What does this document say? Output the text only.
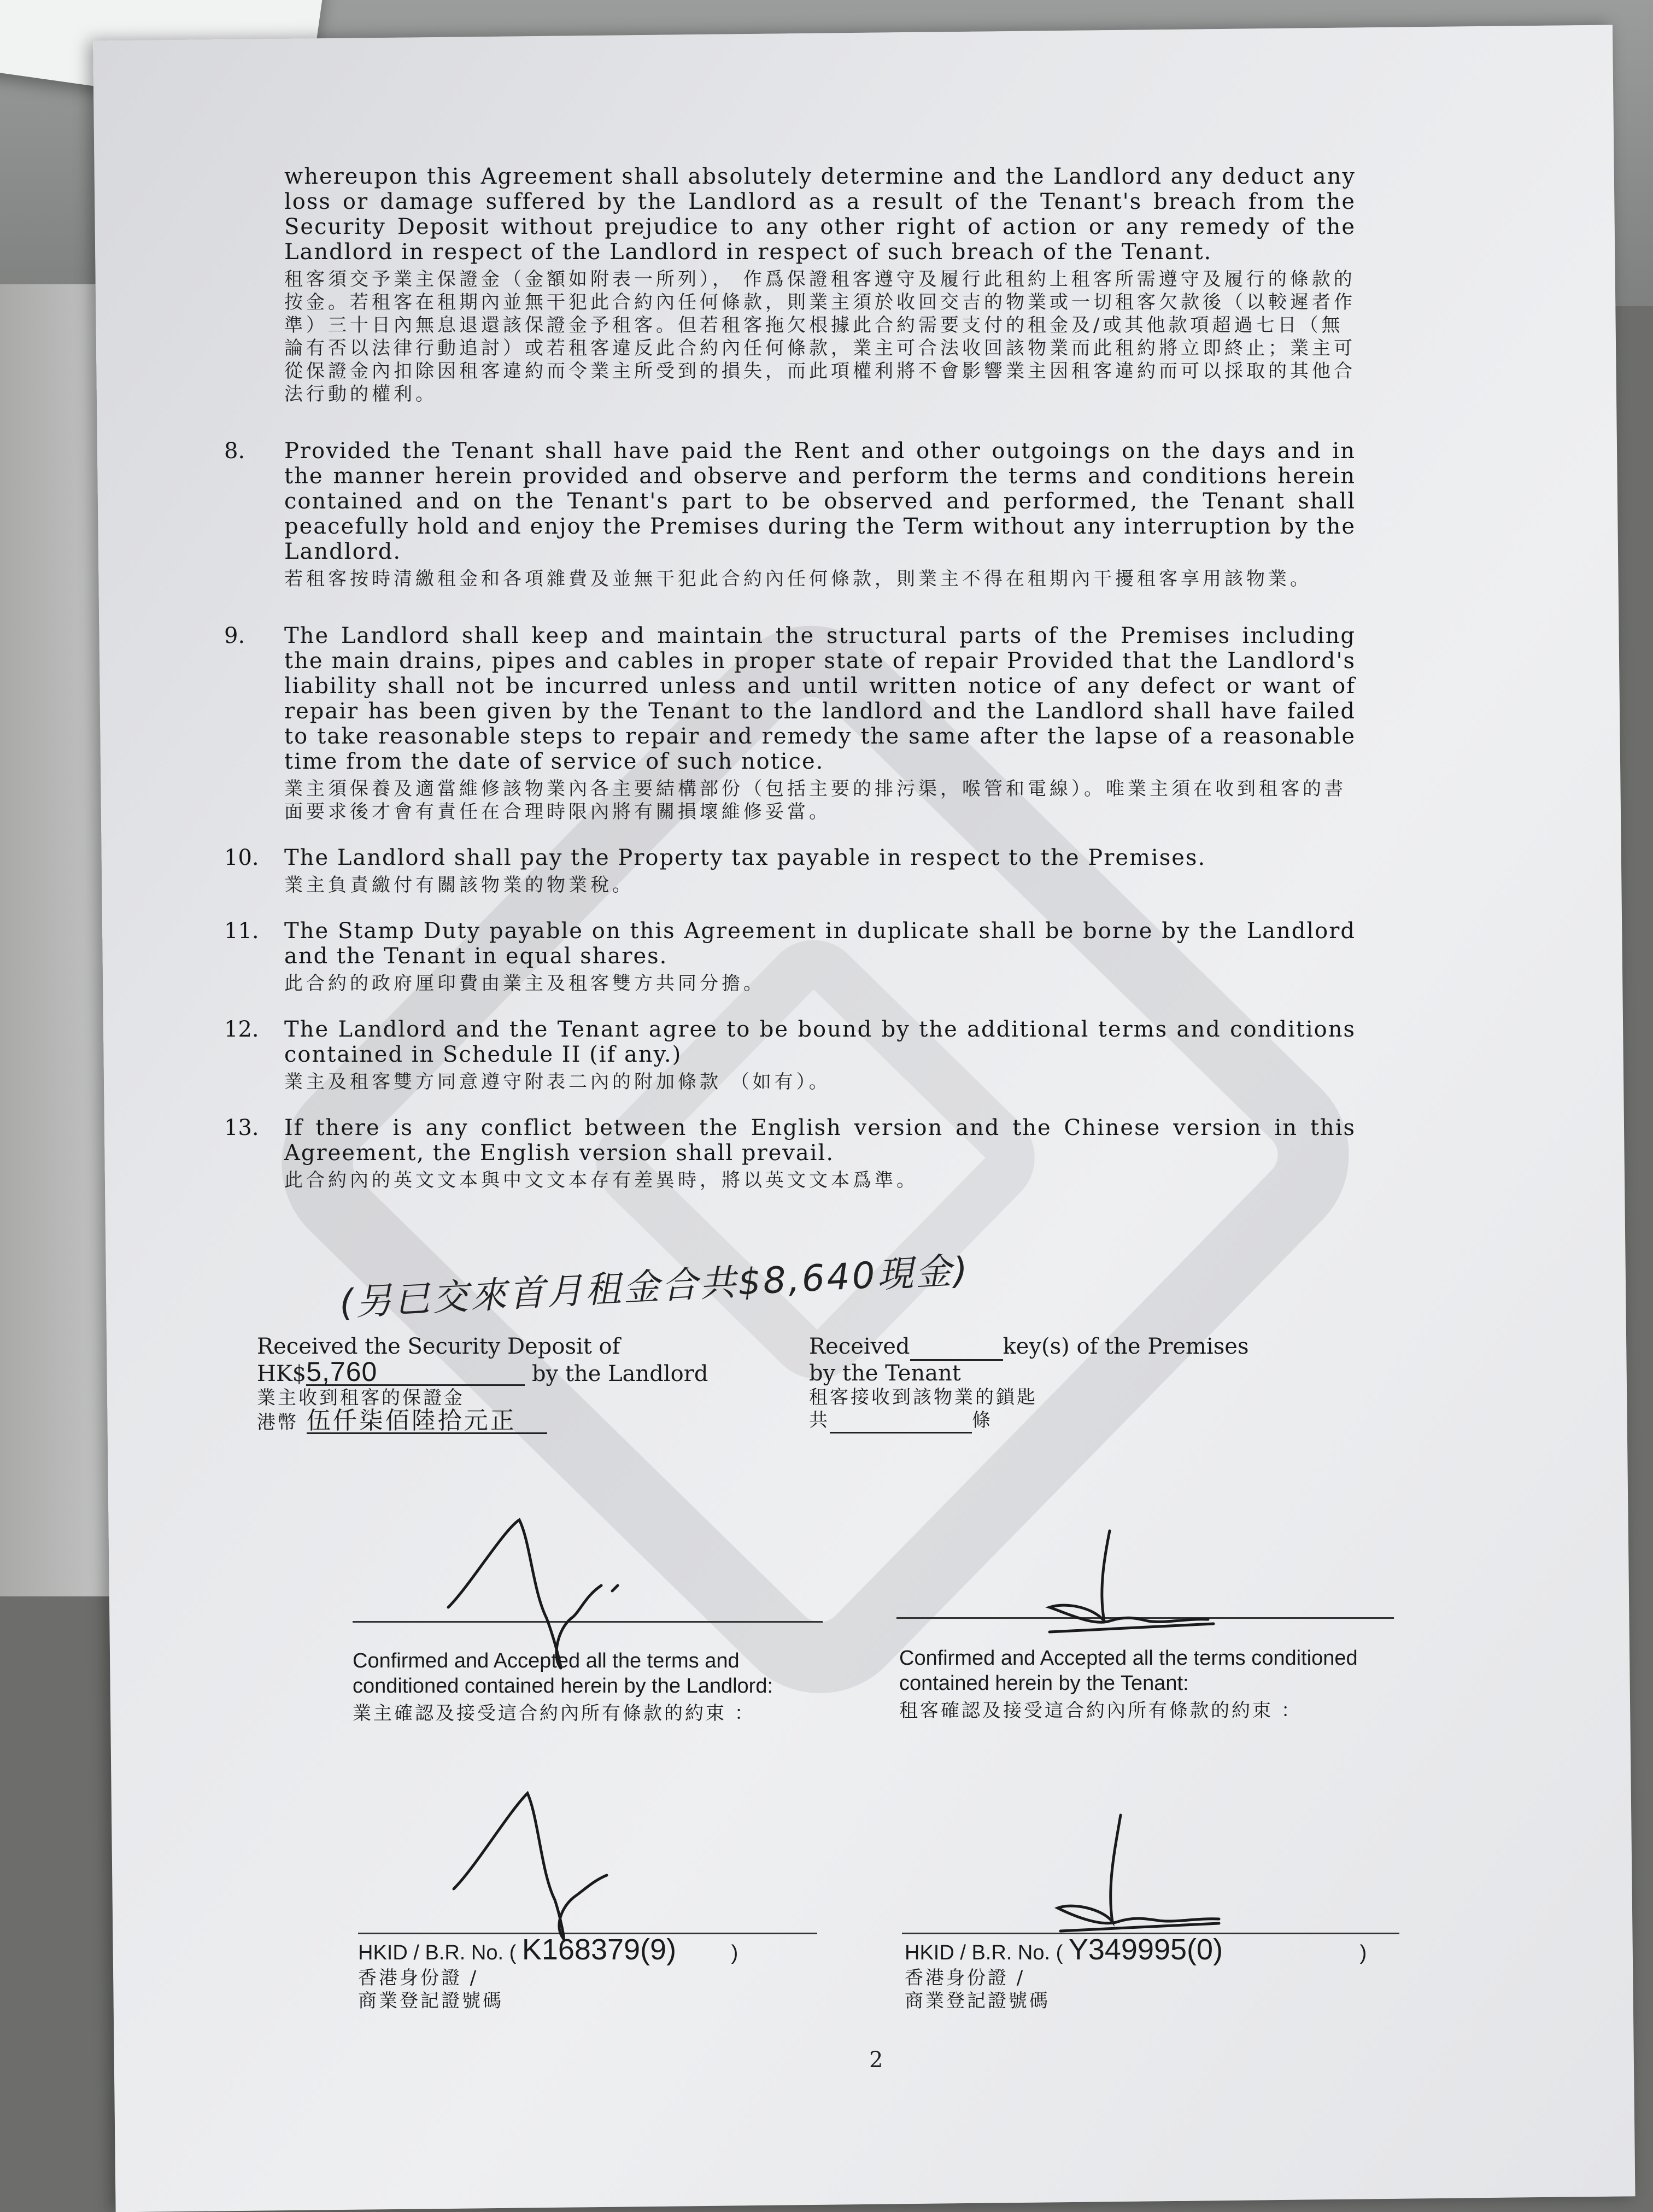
whereupon this Agreement shall absolutely determine and the Landlord any deduct any loss or damage suffered by the Landlord as a result of the Tenant's breach from the Security Deposit without prejudice to any other right of action or any remedy of the Landlord in respect of the Landlord in respect of such breach of the Tenant.
租客須交予業主保證金（金額如附表一所列）， 作爲保證租客遵守及履行此租約上租客所需遵守及履行的條款的按金。若租客在租期內並無干犯此合約內任何條款，則業主須於收回交吉的物業或一切租客欠款後（以較遲者作準）三十日內無息退還該保證金予租客。但若租客拖欠根據此合約需要支付的租金及/或其他款項超過七日（無論有否以法律行動追討）或若租客違反此合約內任何條款，業主可合法收回該物業而此租約將立即終止；業主可從保證金內扣除因租客違約而令業主所受到的損失，而此項權利將不會影響業主因租客違約而可以採取的其他合法行動的權利。
8. Provided the Tenant shall have paid the Rent and other outgoings on the days and in the manner herein provided and observe and perform the terms and conditions herein contained and on the Tenant's part to be observed and performed, the Tenant shall peacefully hold and enjoy the Premises during the Term without any interruption by the Landlord.
若租客按時清繳租金和各項雜費及並無干犯此合約內任何條款，則業主不得在租期內干擾租客享用該物業。
9. The Landlord shall keep and maintain the structural parts of the Premises including the main drains, pipes and cables in proper state of repair Provided that the Landlord's liability shall not be incurred unless and until written notice of any defect or want of repair has been given by the Tenant to the landlord and the Landlord shall have failed to take reasonable steps to repair and remedy the same after the lapse of a reasonable time from the date of service of such notice.
業主須保養及適當維修該物業內各主要結構部份（包括主要的排污渠，喉管和電線）。唯業主須在收到租客的書面要求後才會有責任在合理時限內將有關損壞維修妥當。
10. The Landlord shall pay the Property tax payable in respect to the Premises.
業主負責繳付有關該物業的物業稅。
11. The Stamp Duty payable on this Agreement in duplicate shall be borne by the Landlord and the Tenant in equal shares.
此合約的政府厘印費由業主及租客雙方共同分擔。
12. The Landlord and the Tenant agree to be bound by the additional terms and conditions contained in Schedule II (if any.)
業主及租客雙方同意遵守附表二內的附加條款 （如有）。
13. If there is any conflict between the English version and the Chinese version in this Agreement, the English version shall prevail.
此合約內的英文文本與中文文本存有差異時，將以英文文本爲準。
(另已交來首月租金合共$8,640現金)
Received the Security Deposit of
HK$5,760	by the Landlord
業主收到租客的保證金
港幣 伍仟柒佰陸拾元正
Received	key(s) of the Premises
by the Tenant
租客接收到該物業的鎖匙
共	條
Confirmed and Accepted all the terms and conditioned contained herein by the Landlord:
業主確認及接受這合約內所有條款的約束 ：
Confirmed and Accepted all the terms conditioned contained herein by the Tenant:
租客確認及接受這合約內所有條款的約束 ：
HKID / B.R. No. ( K168379(9)	)
香港身份證 /
商業登記證號碼
HKID / B.R. No. ( Y349995(0)	)
香港身份證 /
商業登記證號碼
2
